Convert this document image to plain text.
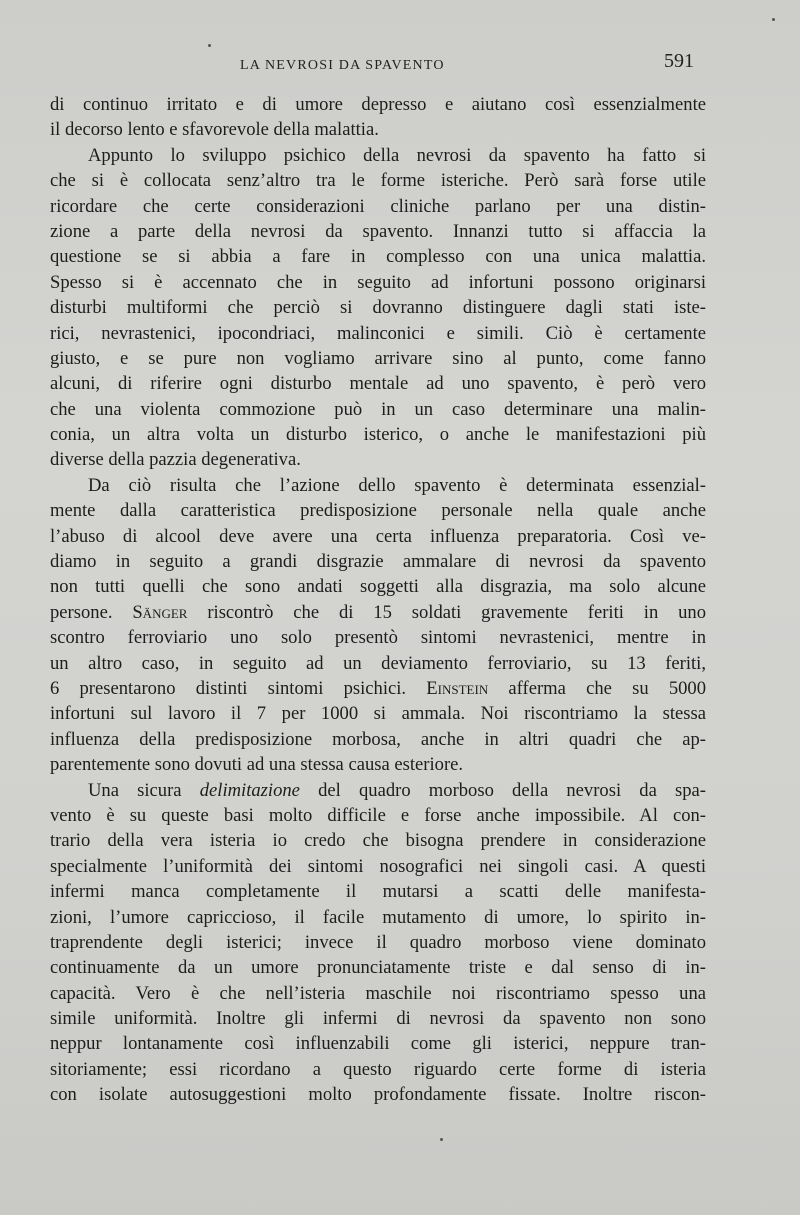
LA NEVROSI DA SPAVENTO	591
di continuo irritato e di umore depresso e aiutano così essenzialmente
il decorso lento e sfavorevole della malattia.
Appunto lo sviluppo psichico della nevrosi da spavento ha fatto si
che si è collocata senz’altro tra le forme isteriche. Però sarà forse utile
ricordare che certe considerazioni cliniche parlano per una distin-
zione a parte della nevrosi da spavento. Innanzi tutto si affaccia la
questione se si abbia a fare in complesso con una unica malattia.
Spesso si è accennato che in seguito ad infortuni possono originarsi
disturbi multiformi che perciò si dovranno distinguere dagli stati iste-
rici, nevrastenici, ipocondriaci, malinconici e simili. Ciò è certamente
giusto, e se pure non vogliamo arrivare sino al punto, come fanno
alcuni, di riferire ogni disturbo mentale ad uno spavento, è però vero
che una violenta commozione può in un caso determinare una malin-
conia, un altra volta un disturbo isterico, o anche le manifestazioni più
diverse della pazzia degenerativa.
Da ciò risulta che l’azione dello spavento è determinata essenzial-
mente dalla caratteristica predisposizione personale nella quale anche
l’abuso di alcool deve avere una certa influenza preparatoria. Così ve-
diamo in seguito a grandi disgrazie ammalare di nevrosi da spavento
non tutti quelli che sono andati soggetti alla disgrazia, ma solo alcune
persone. Sänger riscontrò che di 15 soldati gravemente feriti in uno
scontro ferroviario uno solo presentò sintomi nevrastenici, mentre in
un altro caso, in seguito ad un deviamento ferroviario, su 13 feriti,
6 presentarono distinti sintomi psichici. Einstein afferma che su 5000
infortuni sul lavoro il 7 per 1000 si ammala. Noi riscontriamo la stessa
influenza della predisposizione morbosa, anche in altri quadri che ap-
parentemente sono dovuti ad una stessa causa esteriore.
Una sicura delimitazione del quadro morboso della nevrosi da spa-
vento è su queste basi molto difficile e forse anche impossibile. Al con-
trario della vera isteria io credo che bisogna prendere in considerazione
specialmente l’uniformità dei sintomi nosografici nei singoli casi. A questi
infermi manca completamente il mutarsi a scatti delle manifesta-
zioni, l’umore capriccioso, il facile mutamento di umore, lo spirito in-
traprendente degli isterici; invece il quadro morboso viene dominato
continuamente da un umore pronunciatamente triste e dal senso di in-
capacità. Vero è che nell’isteria maschile noi riscontriamo spesso una
simile uniformità. Inoltre gli infermi di nevrosi da spavento non sono
neppur lontanamente così influenzabili come gli isterici, neppure tran-
sitoriamente; essi ricordano a questo riguardo certe forme di isteria
con isolate autosuggestioni molto profondamente fissate. Inoltre riscon-
